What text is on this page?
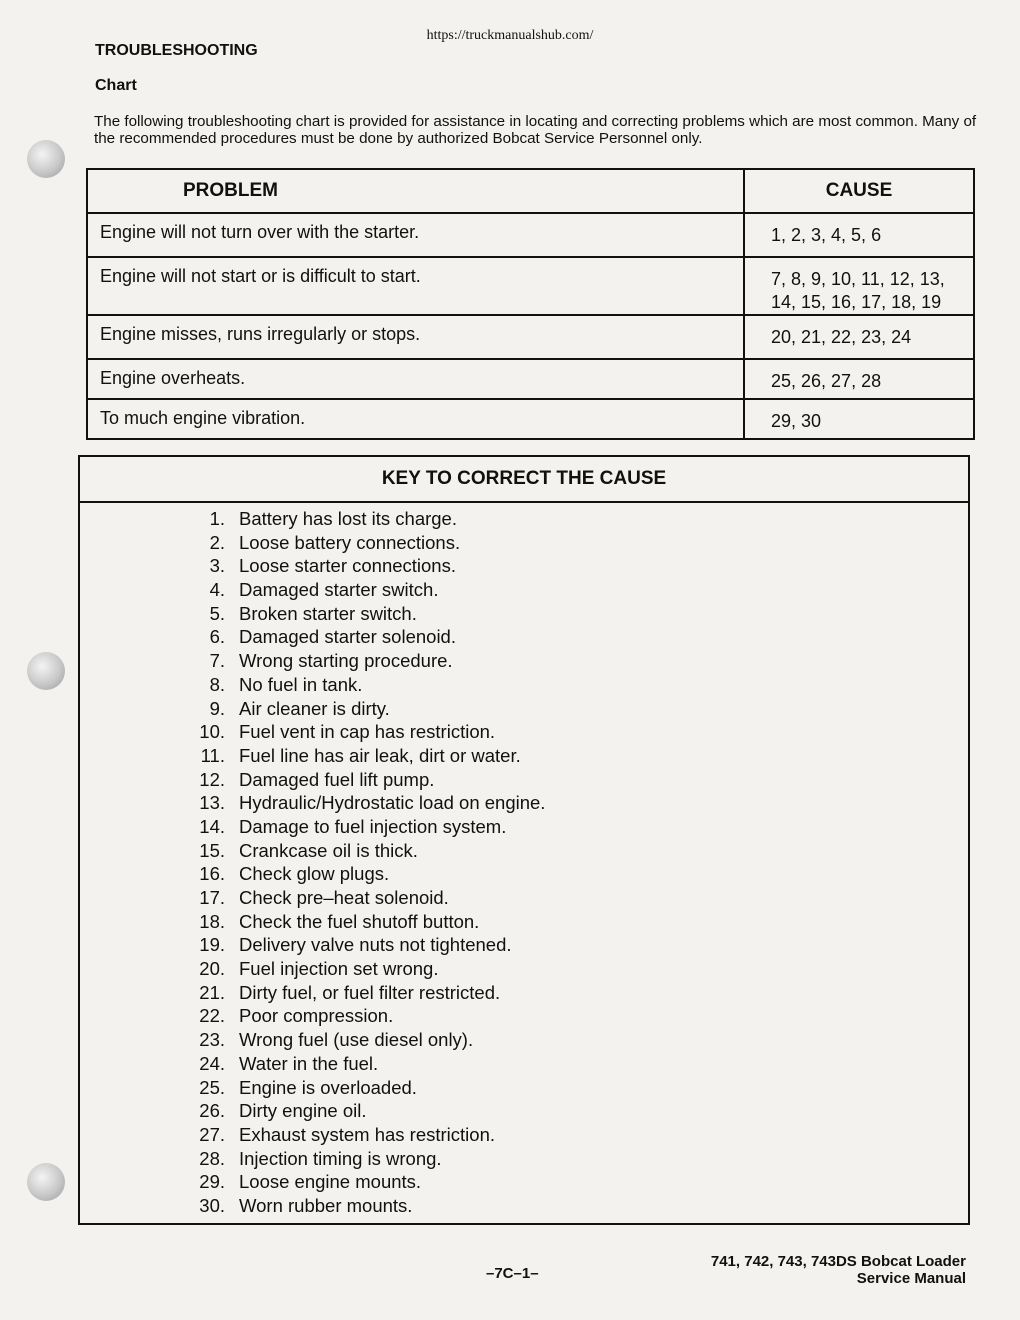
https://truckmanualshub.com/
TROUBLESHOOTING
Chart
The following troubleshooting chart is provided for assistance in locating and correcting problems which are most common. Many of the recommended procedures must be done by authorized Bobcat Service Personnel only.
PROBLEM	CAUSE
Engine will not turn over with the starter.	1, 2, 3, 4, 5, 6
Engine will not start or is difficult to start.	7, 8, 9, 10, 11, 12, 13, 14, 15, 16, 17, 18, 19
Engine misses, runs irregularly or stops.	20, 21, 22, 23, 24
Engine overheats.	25, 26, 27, 28
To much engine vibration.	29, 30
KEY TO CORRECT THE CAUSE
1. Battery has lost its charge.
2. Loose battery connections.
3. Loose starter connections.
4. Damaged starter switch.
5. Broken starter switch.
6. Damaged starter solenoid.
7. Wrong starting procedure.
8. No fuel in tank.
9. Air cleaner is dirty.
10. Fuel vent in cap has restriction.
11. Fuel line has air leak, dirt or water.
12. Damaged fuel lift pump.
13. Hydraulic/Hydrostatic load on engine.
14. Damage to fuel injection system.
15. Crankcase oil is thick.
16. Check glow plugs.
17. Check pre–heat solenoid.
18. Check the fuel shutoff button.
19. Delivery valve nuts not tightened.
20. Fuel injection set wrong.
21. Dirty fuel, or fuel filter restricted.
22. Poor compression.
23. Wrong fuel (use diesel only).
24. Water in the fuel.
25. Engine is overloaded.
26. Dirty engine oil.
27. Exhaust system has restriction.
28. Injection timing is wrong.
29. Loose engine mounts.
30. Worn rubber mounts.
–7C–1–
741, 742, 743, 743DS Bobcat Loader
Service Manual
